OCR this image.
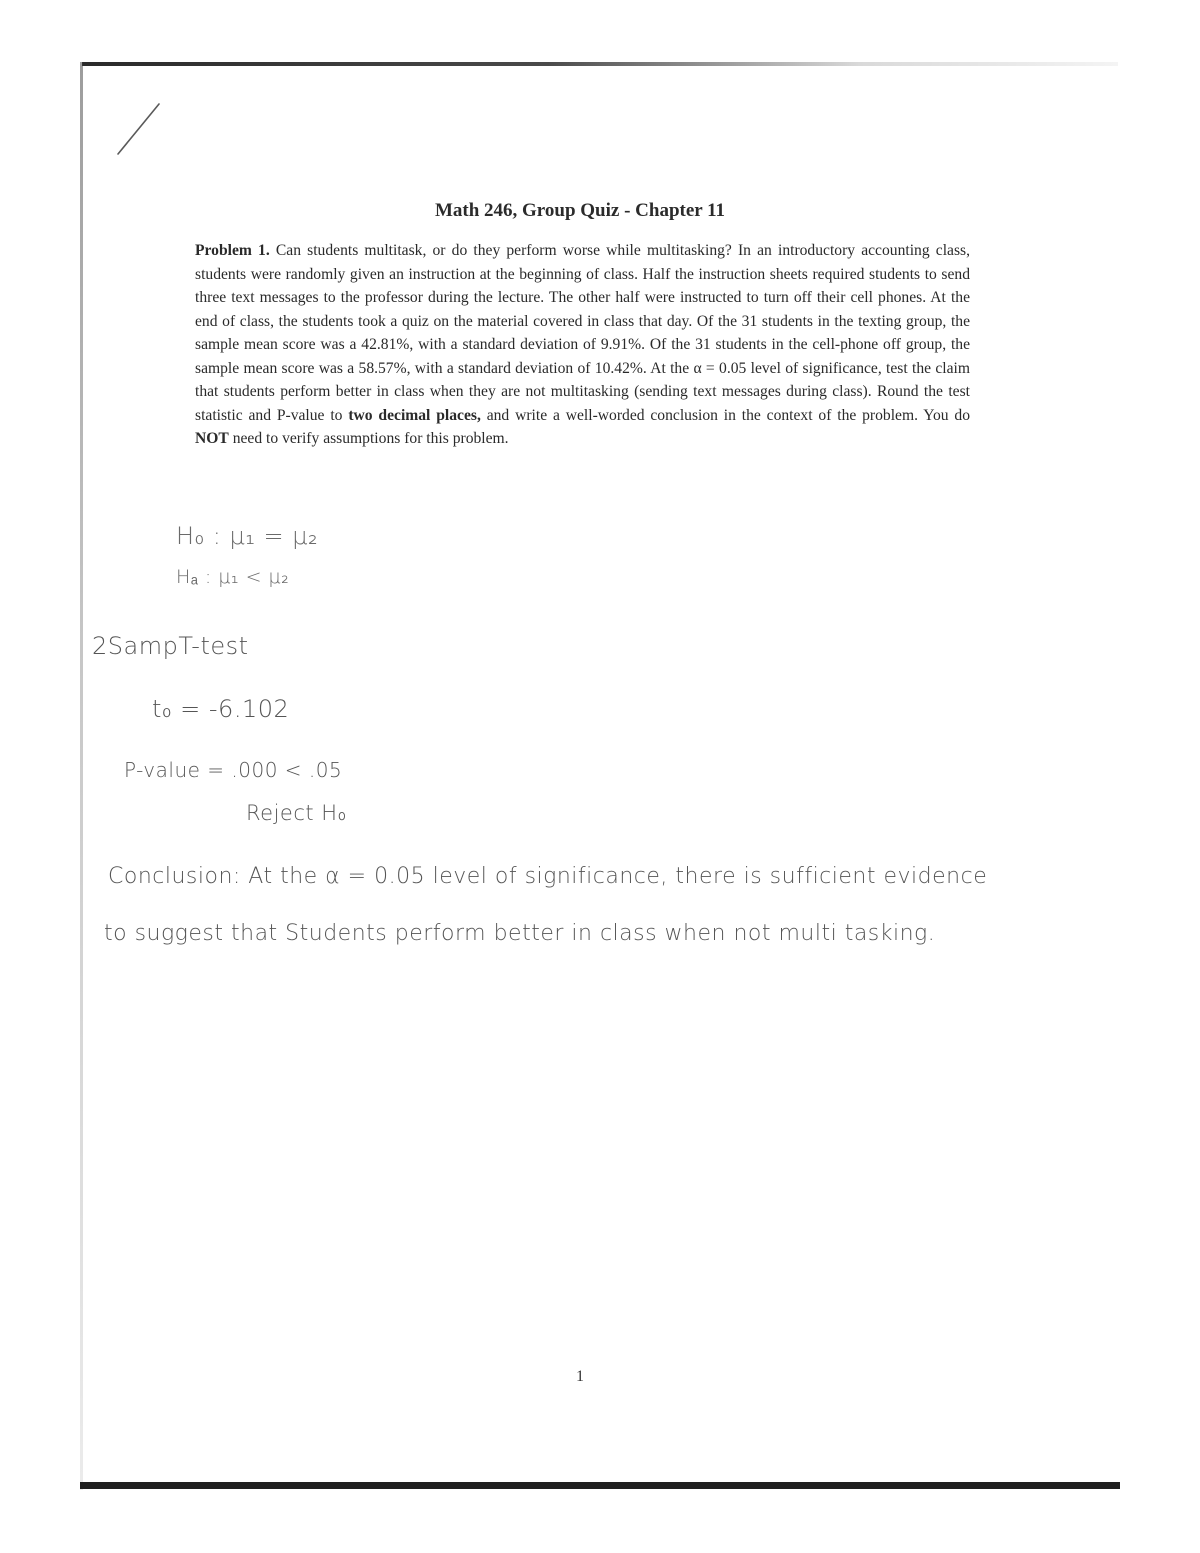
Math 246, Group Quiz - Chapter 11

Problem 1. Can students multitask, or do they perform worse while multitasking? In an introductory accounting class, students were randomly given an instruction at the beginning of class. Half the instruction sheets required students to send three text messages to the professor during the lecture. The other half were instructed to turn off their cell phones. At the end of class, the students took a quiz on the material covered in class that day. Of the 31 students in the texting group, the sample mean score was a 42.81%, with a standard deviation of 9.91%. Of the 31 students in the cell-phone off group, the sample mean score was a 58.57%, with a standard deviation of 10.42%. At the α = 0.05 level of significance, test the claim that students perform better in class when they are not multitasking (sending text messages during class). Round the test statistic and P-value to two decimal places, and write a well-worded conclusion in the context of the problem. You do NOT need to verify assumptions for this problem.

H₀ : μ₁ = μ₂
Hₐ : μ₁ < μ₂
2SampT-test
t₀ = -6.102
P-value = .000 < .05
Reject H₀
Conclusion: At the α = 0.05 level of significance, there is sufficient evidence
to suggest that Students perform better in class when not multi tasking.
1
